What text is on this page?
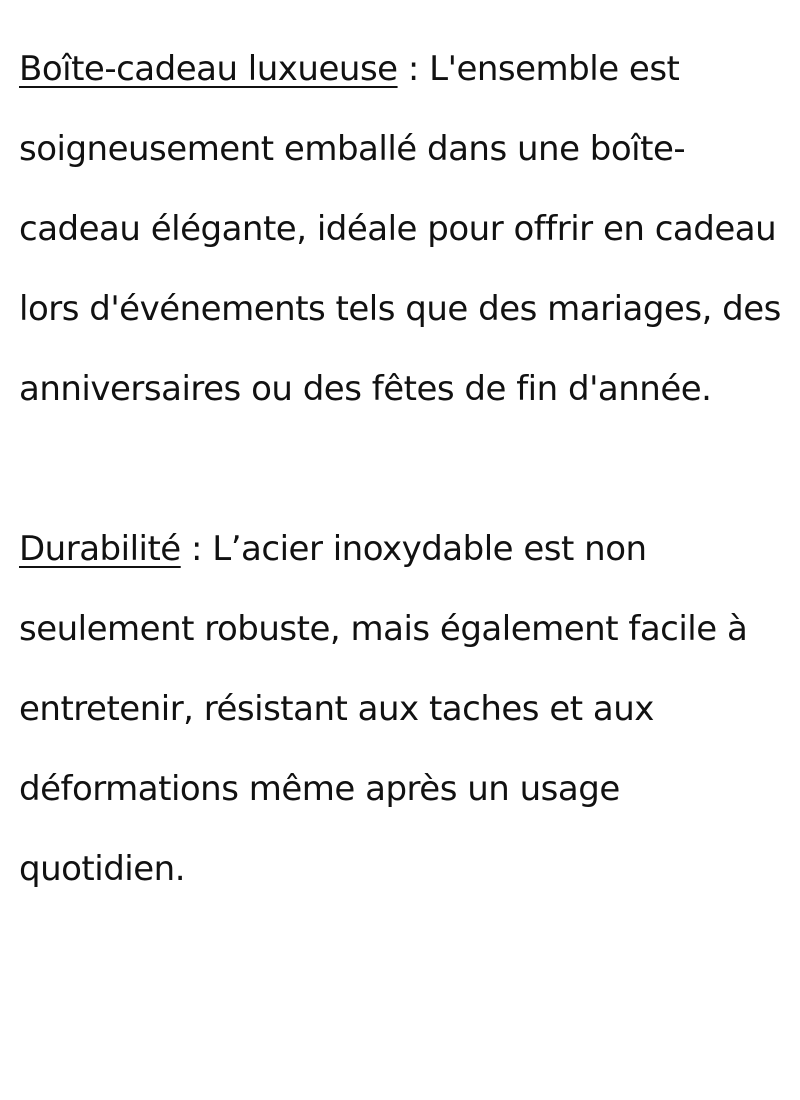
Boîte-cadeau luxueuse : L'ensemble est soigneusement emballé dans une boîte-cadeau élégante, idéale pour offrir en cadeau lors d'événements tels que des mariages, des anniversaires ou des fêtes de fin d'année.

Durabilité : L’acier inoxydable est non seulement robuste, mais également facile à entretenir, résistant aux taches et aux déformations même après un usage quotidien.
